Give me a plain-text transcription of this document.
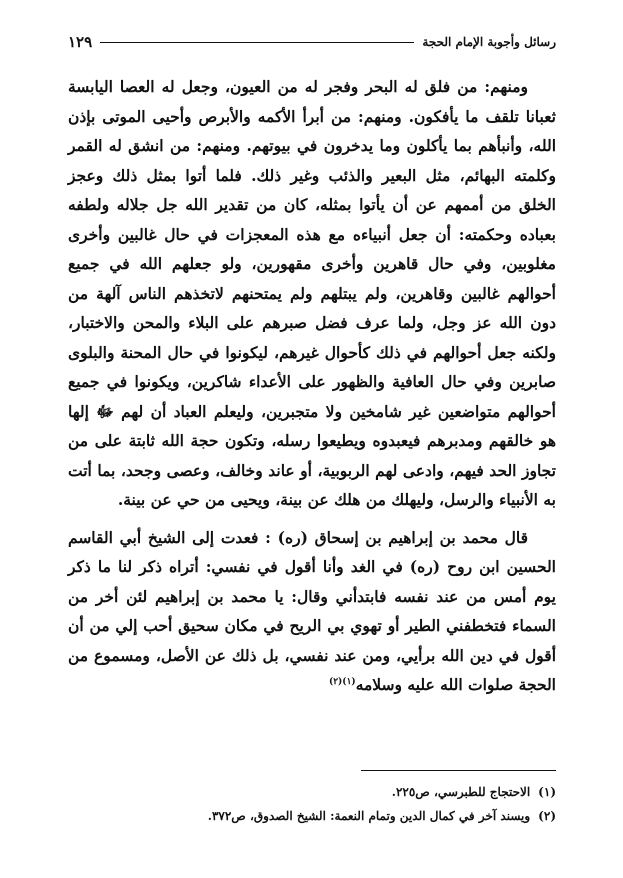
رسائل وأجوبة الإمام الحجة
١٢٩

ومنهم: من فلق له البحر وفجر له من العيون، وجعل له العصا اليابسة ثعبانا تلقف ما يأفكون. ومنهم: من أبرأ الأكمه والأبرص وأحيى الموتى بإذن الله، وأنبأهم بما يأكلون وما يدخرون في بيوتهم. ومنهم: من انشق له القمر وكلمته البهائم، مثل البعير والذئب وغير ذلك. فلما أتوا بمثل ذلك وعجز الخلق من أممهم عن أن يأتوا بمثله، كان من تقدير الله جل جلاله ولطفه بعباده وحكمته: أن جعل أنبياءه مع هذه المعجزات في حال غالبين وأخرى مغلوبين، وفي حال قاهرين وأخرى مقهورين، ولو جعلهم الله في جميع أحوالهم غالبين وقاهرين، ولم يبتلهم ولم يمتحنهم لاتخذهم الناس آلهة من دون الله عز وجل، ولما عرف فضل صبرهم على البلاء والمحن والاختبار، ولكنه جعل أحوالهم في ذلك كأحوال غيرهم، ليكونوا في حال المحنة والبلوى صابرين وفي حال العافية والظهور على الأعداء شاكرين، ويكونوا في جميع أحوالهم متواضعين غير شامخين ولا متجبرين، وليعلم العباد أن لهم ﷻ إلها هو خالقهم ومدبرهم فيعبدوه ويطيعوا رسله، وتكون حجة الله ثابتة على من تجاوز الحد فيهم، وادعى لهم الربوبية، أو عاند وخالف، وعصى وجحد، بما أتت به الأنبياء والرسل، وليهلك من هلك عن بينة، ويحيى من حي عن بينة.

قال محمد بن إبراهيم بن إسحاق (ره) : فعدت إلى الشيخ أبي القاسم الحسين ابن روح (ره) في الغد وأنا أقول في نفسي: أتراه ذكر لنا ما ذكر يوم أمس من عند نفسه فابتدأني وقال: يا محمد بن إبراهيم لئن أخر من السماء فتخطفني الطير أو تهوي بي الريح في مكان سحيق أحب إلي من أن أقول في دين الله برأيي، ومن عند نفسي، بل ذلك عن الأصل، ومسموع من الحجة صلوات الله عليه وسلامه$^{(١)(٢)}$

(١)الاحتجاج للطبرسي، ص٢٢٥.
(٢)ويسند آخر في كمال الدين وتمام النعمة: الشيخ الصدوق، ص٣٧٢.
